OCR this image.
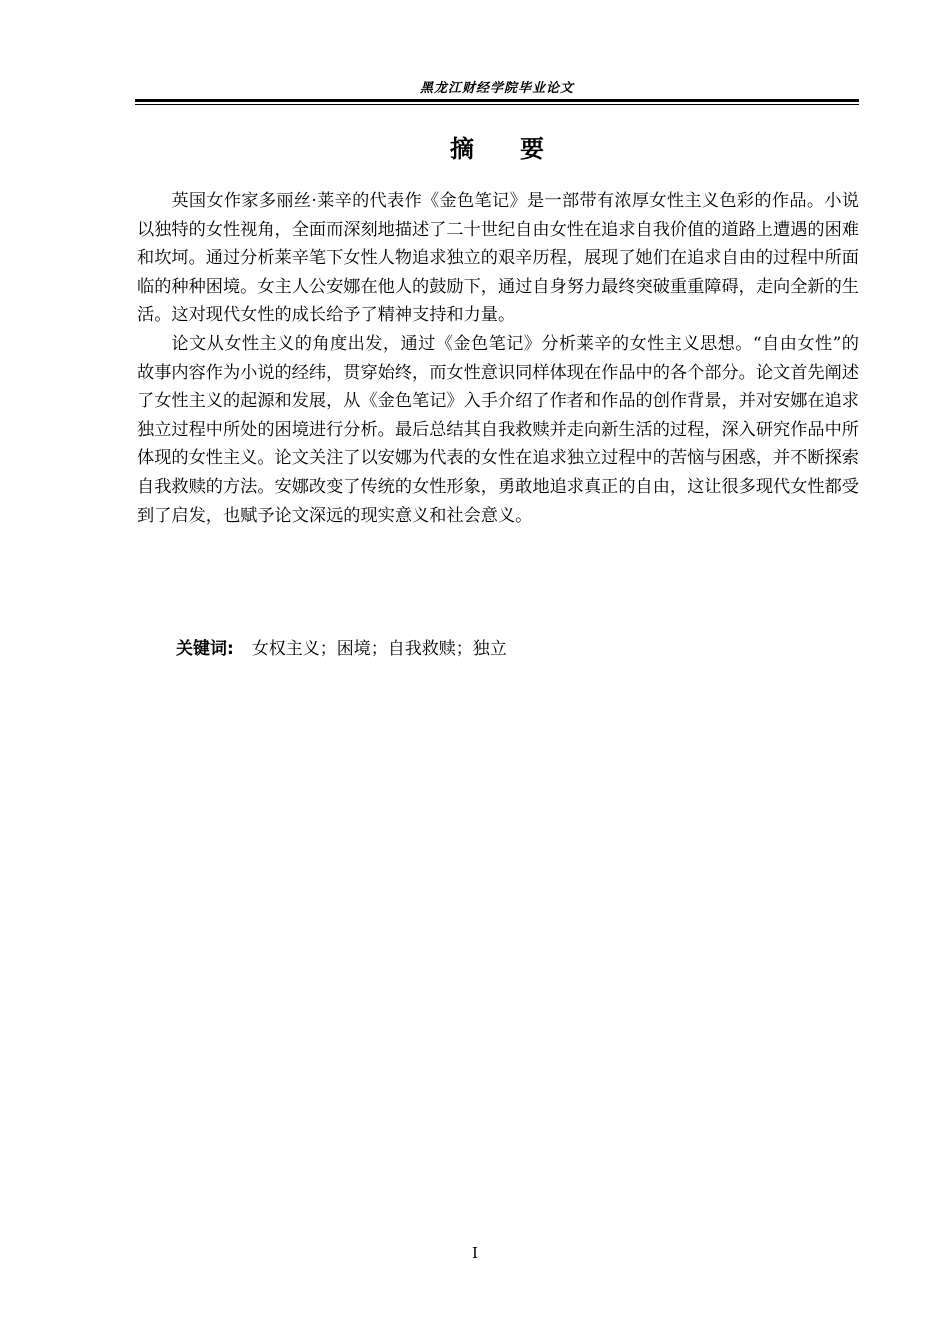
黑龙江财经学院毕业论文
摘 要

英国女作家多丽丝·莱辛的代表作《金色笔记》是一部带有浓厚女性主义色彩的作品。小说以独特的女性视角，全面而深刻地描述了二十世纪自由女性在追求自我价值的道路上遭遇的困难和坎坷。通过分析莱辛笔下女性人物追求独立的艰辛历程，展现了她们在追求自由的过程中所面临的种种困境。女主人公安娜在他人的鼓励下，通过自身努力最终突破重重障碍，走向全新的生活。这对现代女性的成长给予了精神支持和力量。

论文从女性主义的角度出发，通过《金色笔记》分析莱辛的女性主义思想。“自由女性”的故事内容作为小说的经纬，贯穿始终，而女性意识同样体现在作品中的各个部分。论文首先阐述了女性主义的起源和发展，从《金色笔记》入手介绍了作者和作品的创作背景，并对安娜在追求独立过程中所处的困境进行分析。最后总结其自我救赎并走向新生活的过程，深入研究作品中所体现的女性主义。论文关注了以安娜为代表的女性在追求独立过程中的苦恼与困惑，并不断探索自我救赎的方法。安娜改变了传统的女性形象，勇敢地追求真正的自由，这让很多现代女性都受到了启发，也赋予论文深远的现实意义和社会意义。

关键词: 女权主义；困境；自我救赎；独立
I
